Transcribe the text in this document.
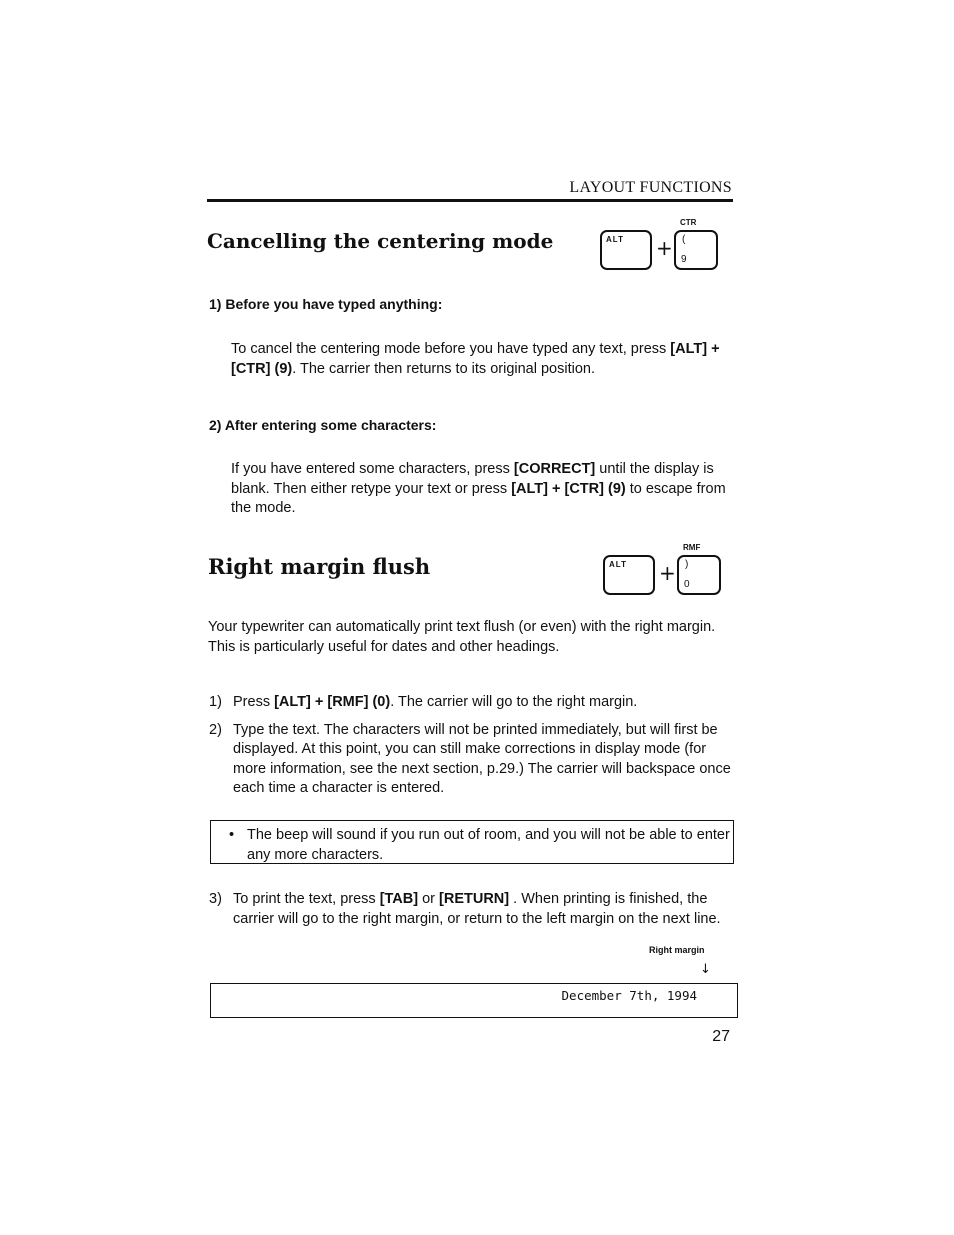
LAYOUT FUNCTIONS
Cancelling the centering mode
CTR
ALT + (
9
1) Before you have typed anything:

To cancel the centering mode before you have typed any text, press [ALT] + [CTR] (9). The carrier then returns to its original position.

2) After entering some characters:

If you have entered some characters, press [CORRECT] until the display is blank. Then either retype your text or press [ALT] + [CTR] (9) to escape from the mode.

Right margin flush
RMF
ALT + )
0

Your typewriter can automatically print text flush (or even) with the right margin. This is particularly useful for dates and other headings.

1) Press [ALT] + [RMF] (0). The carrier will go to the right margin.

2) Type the text. The characters will not be printed immediately, but will first be displayed. At this point, you can still make corrections in display mode (for more information, see the next section, p.29.) The carrier will backspace once each time a character is entered.

• The beep will sound if you run out of room, and you will not be able to enter any more characters.

3) To print the text, press [TAB] or [RETURN] . When printing is finished, the carrier will go to the right margin, or return to the left margin on the next line.

Right margin
↓
December 7th, 1994
27
